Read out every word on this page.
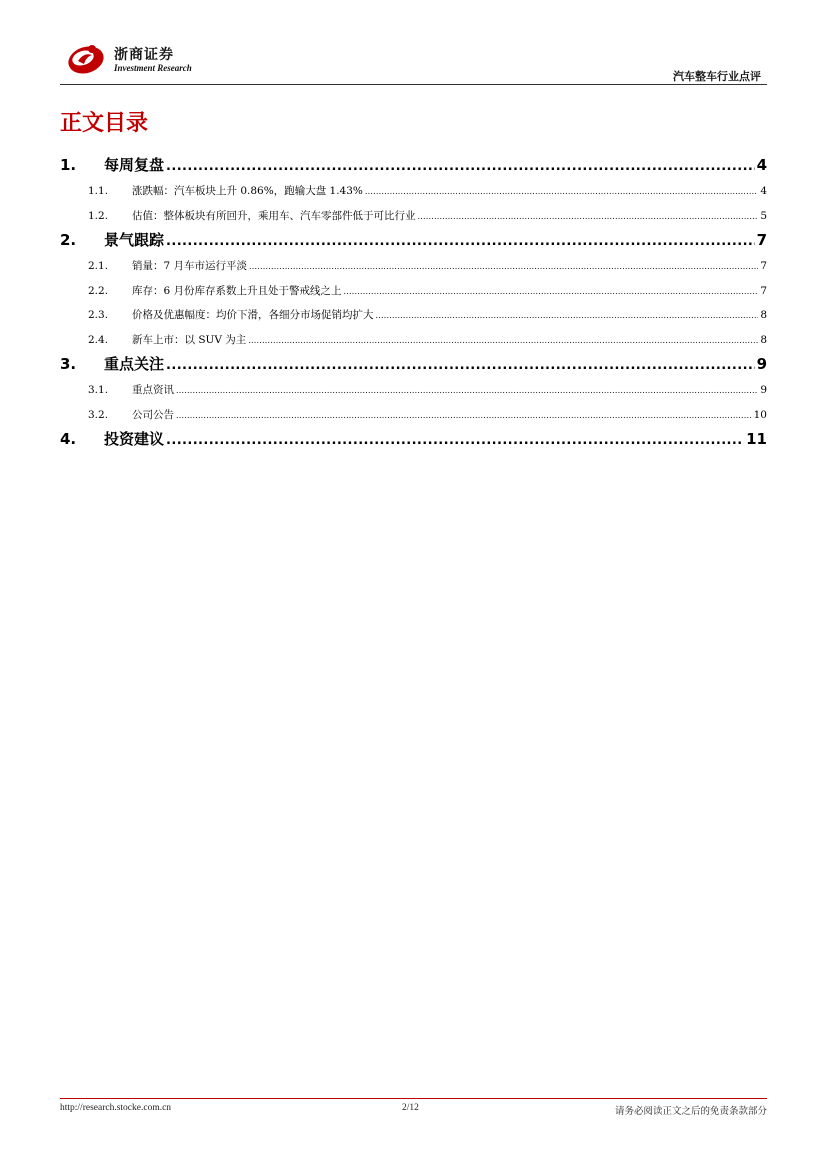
浙商证券
Investment Research
汽车整车行业点评
正文目录
1.	每周复盘 .....	4
1.1.	涨跌幅：汽车板块上升 0.86%，跑输大盘 1.43% .....	4
1.2.	估值：整体板块有所回升，乘用车、汽车零部件低于可比行业 .....	5
2.	景气跟踪 .....	7
2.1.	销量：7 月车市运行平淡 .....	7
2.2.	库存：6 月份库存系数上升且处于警戒线之上 .....	7
2.3.	价格及优惠幅度：均价下滑，各细分市场促销均扩大 .....	8
2.4.	新车上市：以 SUV 为主 .....	8
3.	重点关注 .....	9
3.1.	重点资讯 .....	9
3.2.	公司公告 .....	10
4.	投资建议 .....	11
http://research.stocke.com.cn	2/12	请务必阅读正文之后的免责条款部分
